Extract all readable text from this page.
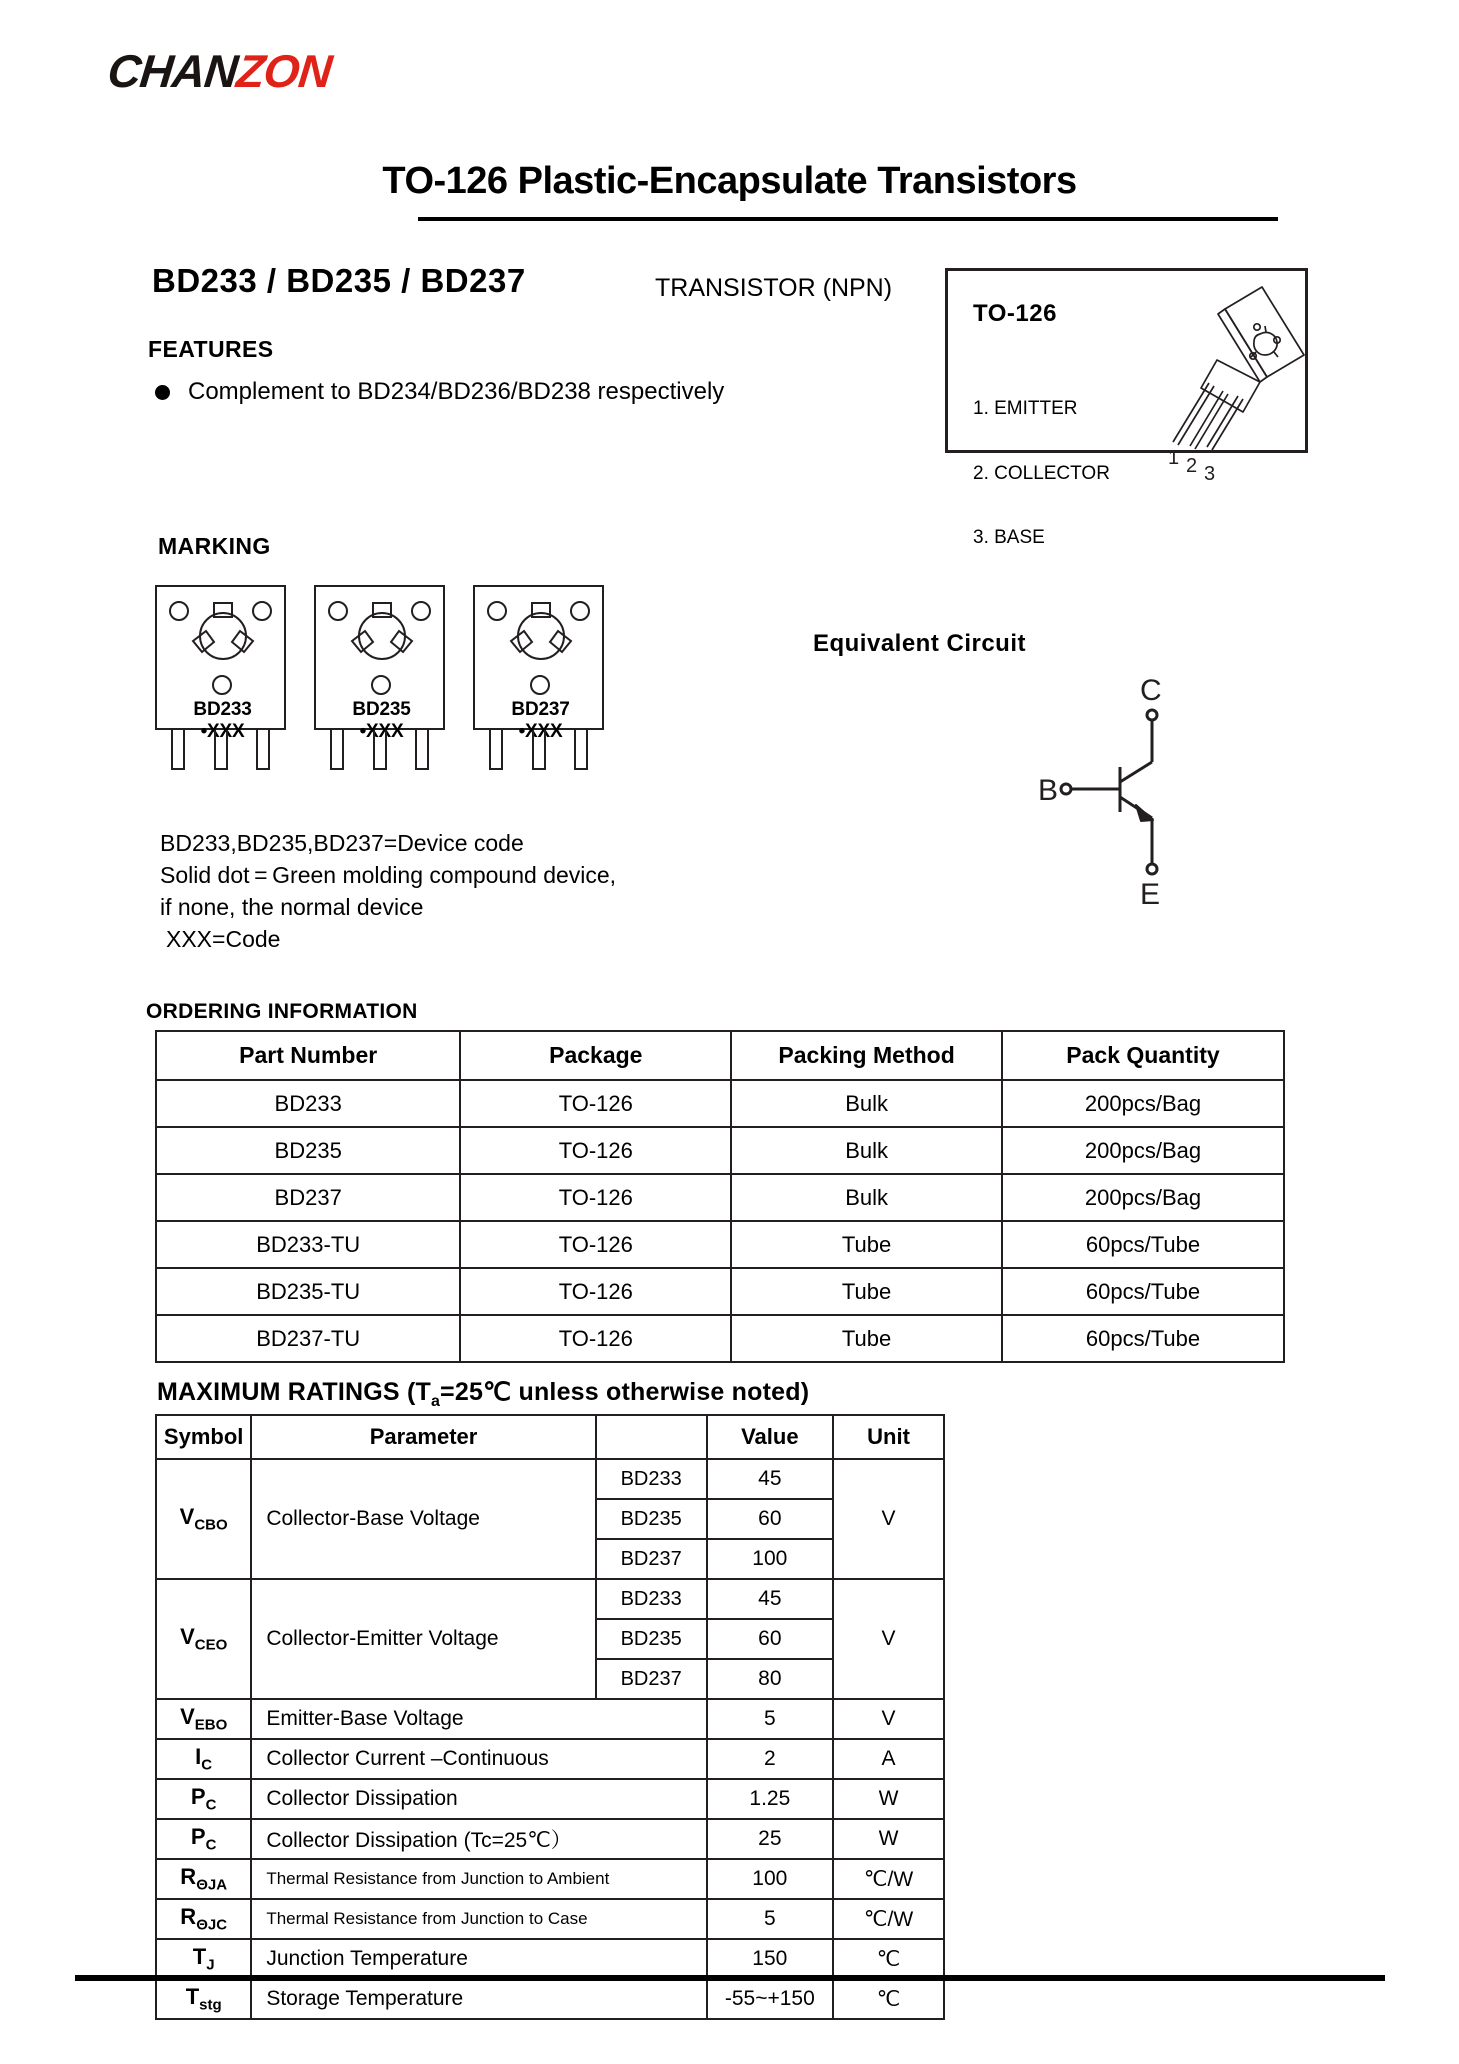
CHANZON
TO-126 Plastic-Encapsulate Transistors
BD233 / BD235 / BD237	TRANSISTOR (NPN)
FEATURES
Complement to BD234/BD236/BD238 respectively
TO-126
1. EMITTER
2. COLLECTOR
3. BASE
1 2 3
MARKING
BD233
•XXX
BD235
•XXX
BD237
•XXX
BD233,BD235,BD237=Device code
Solid dot = Green molding compound device,
if none, the normal device
XXX=Code
Equivalent Circuit
B
C
E
ORDERING INFORMATION
Part Number	Package	Packing Method	Pack Quantity
BD233	TO-126	Bulk	200pcs/Bag
BD235	TO-126	Bulk	200pcs/Bag
BD237	TO-126	Bulk	200pcs/Bag
BD233-TU	TO-126	Tube	60pcs/Tube
BD235-TU	TO-126	Tube	60pcs/Tube
BD237-TU	TO-126	Tube	60pcs/Tube
MAXIMUM RATINGS ($T_a=25℃$ unless otherwise noted)
Symbol	Parameter		Value	Unit
$V_{CBO}$	Collector-Base Voltage	BD233	45	V
		BD235	60	
		BD237	100	
$V_{CEO}$	Collector-Emitter Voltage	BD233	45	V
		BD235	60	
		BD237	80	
$V_{EBO}$	Emitter-Base Voltage		5	V
$I_C$	Collector Current –Continuous		2	A
$P_C$	Collector Dissipation		1.25	W
$P_C$	Collector Dissipation (Tc=25℃）		25	W
$R_{\Theta JA}$	Thermal Resistance from Junction to Ambient		100	℃/W
$R_{\Theta JC}$	Thermal Resistance from Junction to Case		5	℃/W
$T_J$	Junction Temperature		150	℃
$T_{stg}$	Storage Temperature		-55~+150	℃
